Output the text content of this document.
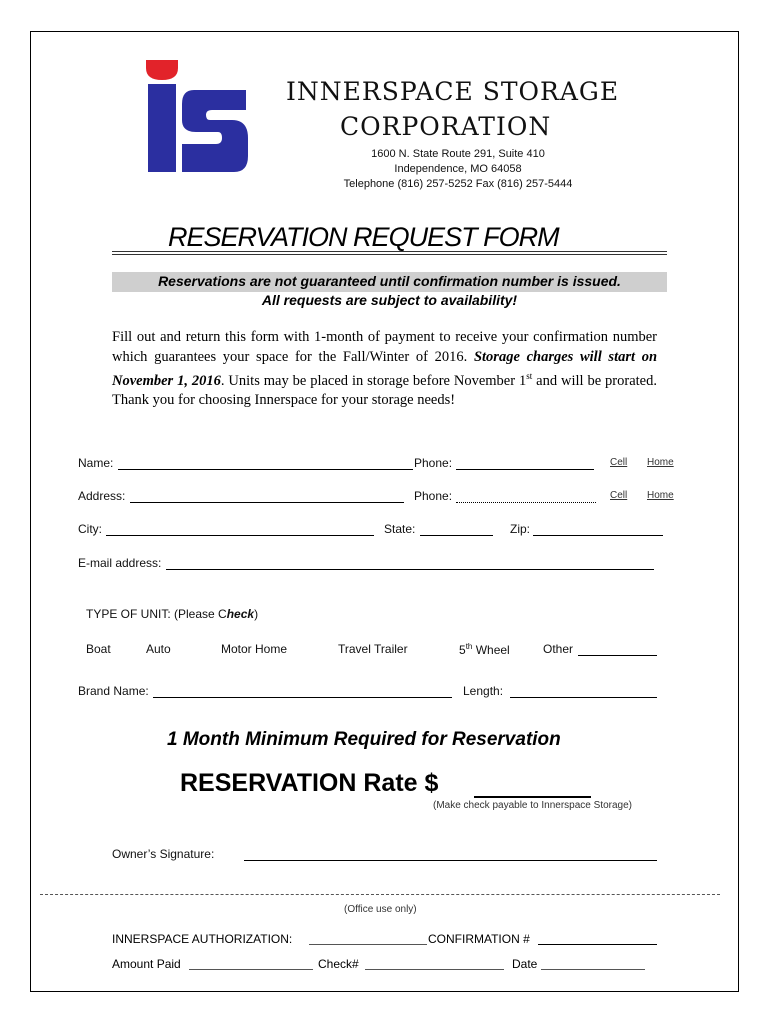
INNERSPACE STORAGE
CORPORATION
1600 N. State Route 291, Suite 410
Independence, MO 64058
Telephone (816) 257-5252 Fax (816) 257-5444
RESERVATION REQUEST FORM
Reservations are not guaranteed until confirmation number is issued.
All requests are subject to availability!
Fill out and return this form with 1-month of payment to receive your confirmation number which guarantees your space for the Fall/Winter of 2016. Storage charges will start on November 1, 2016. Units may be placed in storage before November 1st and will be prorated. Thank you for choosing Innerspace for your storage needs!
Name:	Phone:	Cell Home
Address:	Phone:	Cell Home
City:	State:	Zip:
E-mail address:
TYPE OF UNIT: (Please Check)
Boat	Auto	Motor Home	Travel Trailer	5th Wheel	Other
Brand Name:	Length:
1 Month Minimum Required for Reservation
RESERVATION Rate $
(Make check payable to Innerspace Storage)
Owner’s Signature:
(Office use only)
INNERSPACE AUTHORIZATION:	CONFIRMATION #
Amount Paid	Check#	Date
